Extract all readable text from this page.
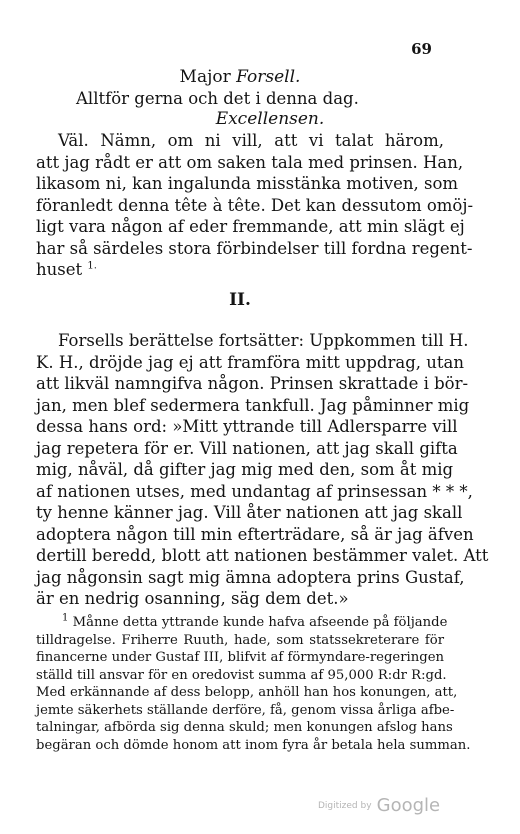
69

Major Forsell.

Alltför gerna och det i denna dag.

Excellensen.

Väl. Nämn, om ni vill, att vi talat härom,
att jag rådt er att om saken tala med prinsen. Han,
likasom ni, kan ingalunda misstänka motiven, som
föranledt denna tête à tête. Det kan dessutom omöj-
ligt vara någon af eder fremmande, att min slägt ej
har så särdeles stora förbindelser till fordna regent-
huset $^{1.}$

II.

Forsells berättelse fortsätter: Uppkommen till H.
K. H., dröjde jag ej att framföra mitt uppdrag, utan
att likväl namngifva någon. Prinsen skrattade i bör-
jan, men blef sedermera tankfull. Jag påminner mig
dessa hans ord: »Mitt yttrande till Adlersparre vill
jag repetera för er. Vill nationen, att jag skall gifta
mig, nåväl, då gifter jag mig med den, som åt mig
af nationen utses, med undantag af prinsessan * * *,
ty henne känner jag. Vill åter nationen att jag skall
adoptera någon till min efterträdare, så är jag äfven
dertill beredd, blott att nationen bestämmer valet. Att
jag någonsin sagt mig ämna adoptera prins Gustaf,
är en nedrig osanning, säg dem det.»
$^1$ Månne detta yttrande kunde hafva afseende på följande
tilldragelse. Friherre Ruuth, hade, som statssekreterare för
financerne under Gustaf III, blifvit af förmyndare-regeringen
ställd till ansvar för en oredovist summa af 95,000 R:dr R:gd.
Med erkännande af dess belopp, anhöll han hos konungen, att,
jemte säkerhets ställande derföre, få, genom vissa årliga afbe-
talningar, afbörda sig denna skuld; men konungen afslog hans
begäran och dömde honom att inom fyra år betala hela summan.
Digitized by Google
